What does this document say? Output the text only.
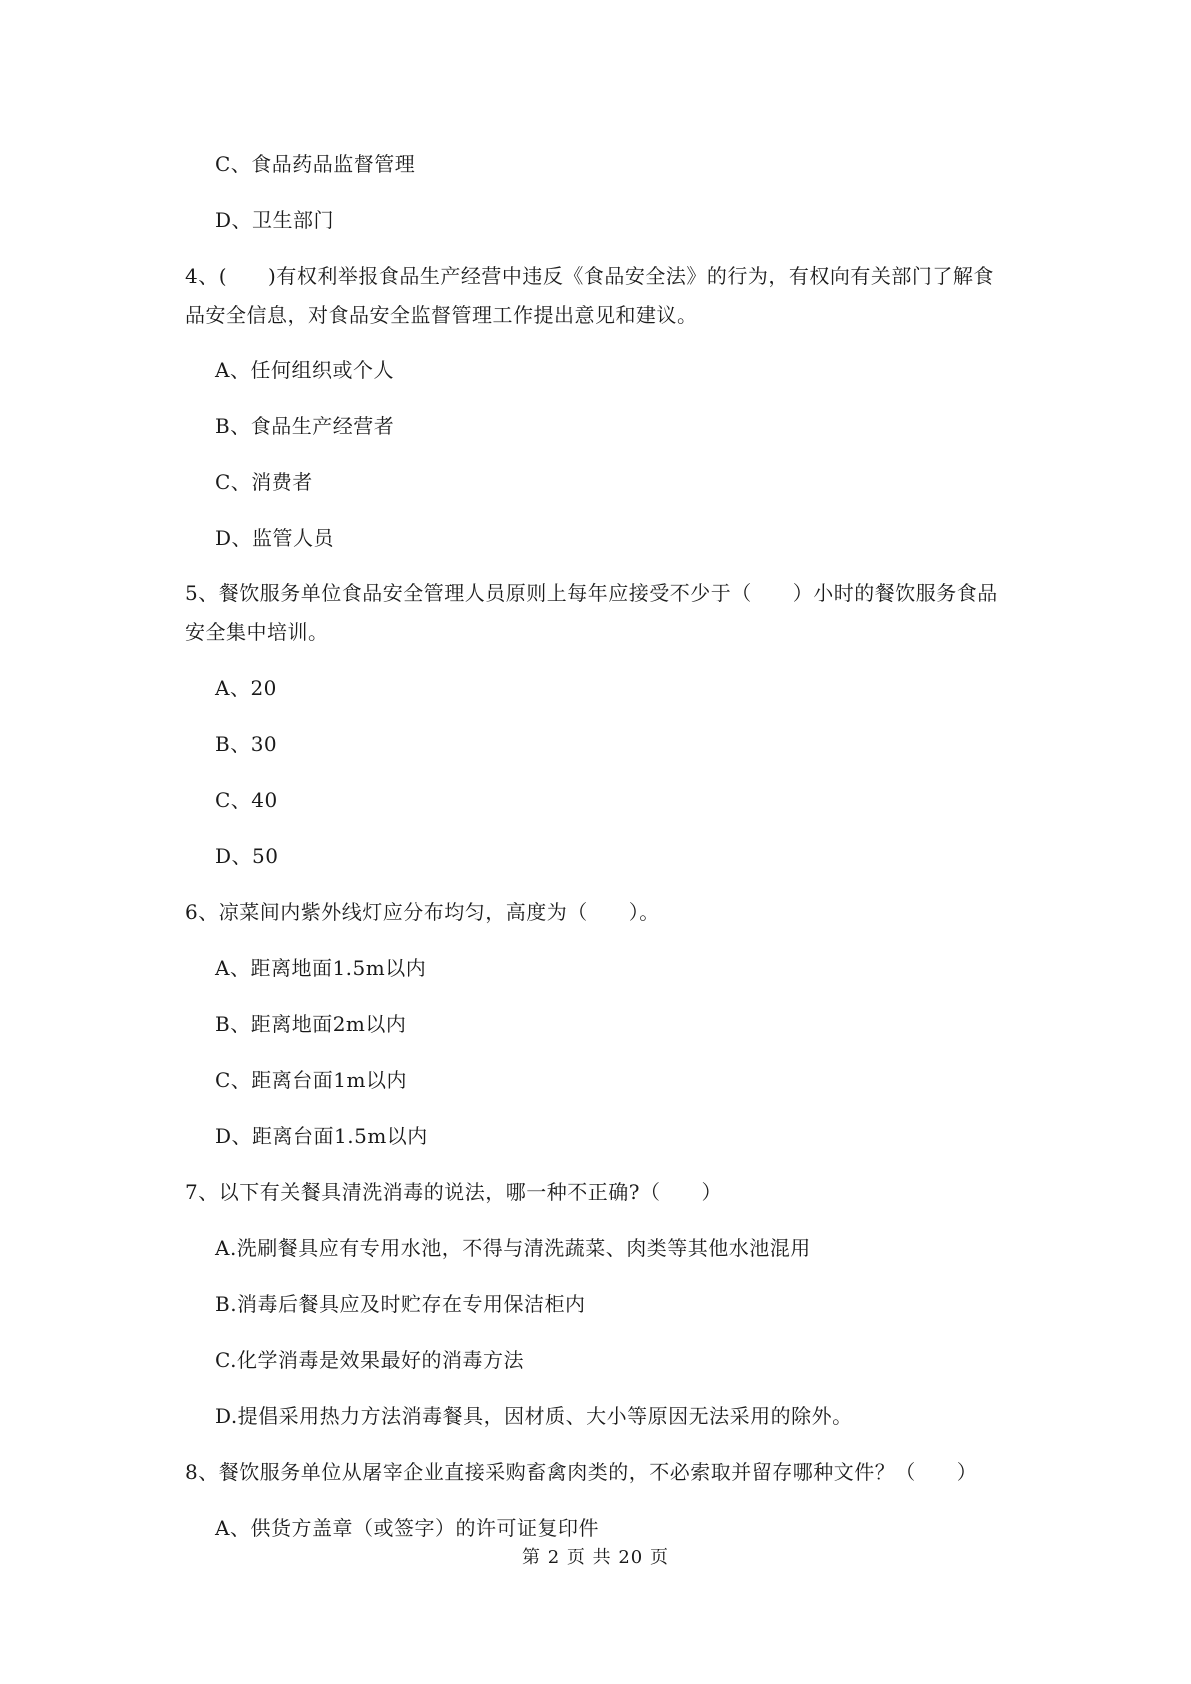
C、食品药品监督管理
D、卫生部门
4、(　　)有权利举报食品生产经营中违反《食品安全法》的行为，有权向有关部门了解食
品安全信息，对食品安全监督管理工作提出意见和建议。
A、任何组织或个人
B、食品生产经营者
C、消费者
D、监管人员
5、餐饮服务单位食品安全管理人员原则上每年应接受不少于（　　）小时的餐饮服务食品
安全集中培训。
A、20
B、30
C、40
D、50
6、凉菜间内紫外线灯应分布均匀，高度为（　　）。
A、距离地面1.5m以内
B、距离地面2m以内
C、距离台面1m以内
D、距离台面1.5m以内
7、以下有关餐具清洗消毒的说法，哪一种不正确?（　　）
A.洗刷餐具应有专用水池，不得与清洗蔬菜、肉类等其他水池混用
B.消毒后餐具应及时贮存在专用保洁柜内
C.化学消毒是效果最好的消毒方法
D.提倡采用热力方法消毒餐具，因材质、大小等原因无法采用的除外。
8、餐饮服务单位从屠宰企业直接采购畜禽肉类的，不必索取并留存哪种文件？（　　）
A、供货方盖章（或签字）的许可证复印件
第 2 页 共 20 页
